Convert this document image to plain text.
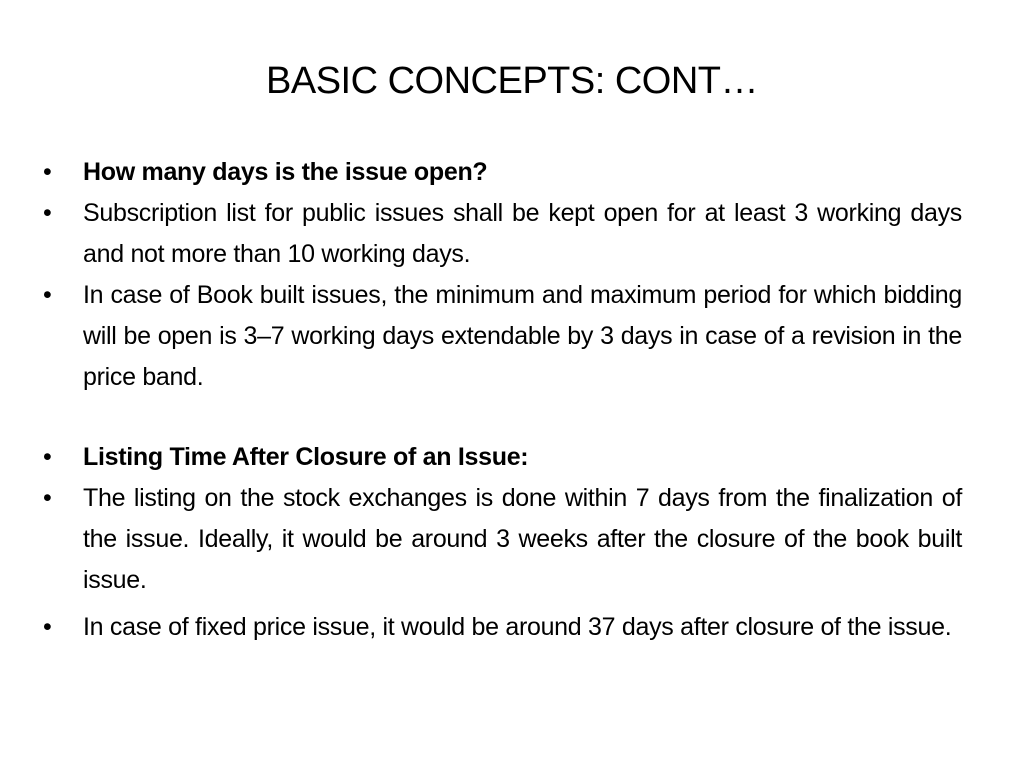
BASIC CONCEPTS: CONT…
• How many days is the issue open?
• Subscription list for public issues shall be kept open for at least 3 working days and not more than 10 working days.
• In case of Book built issues, the minimum and maximum period for which bidding will be open is 3–7 working days extendable by 3 days in case of a revision in the price band.
• Listing Time After Closure of an Issue:
• The listing on the stock exchanges is done within 7 days from the finalization of the issue. Ideally, it would be around 3 weeks after the closure of the book built issue.
• In case of fixed price issue, it would be around 37 days after closure of the issue.
